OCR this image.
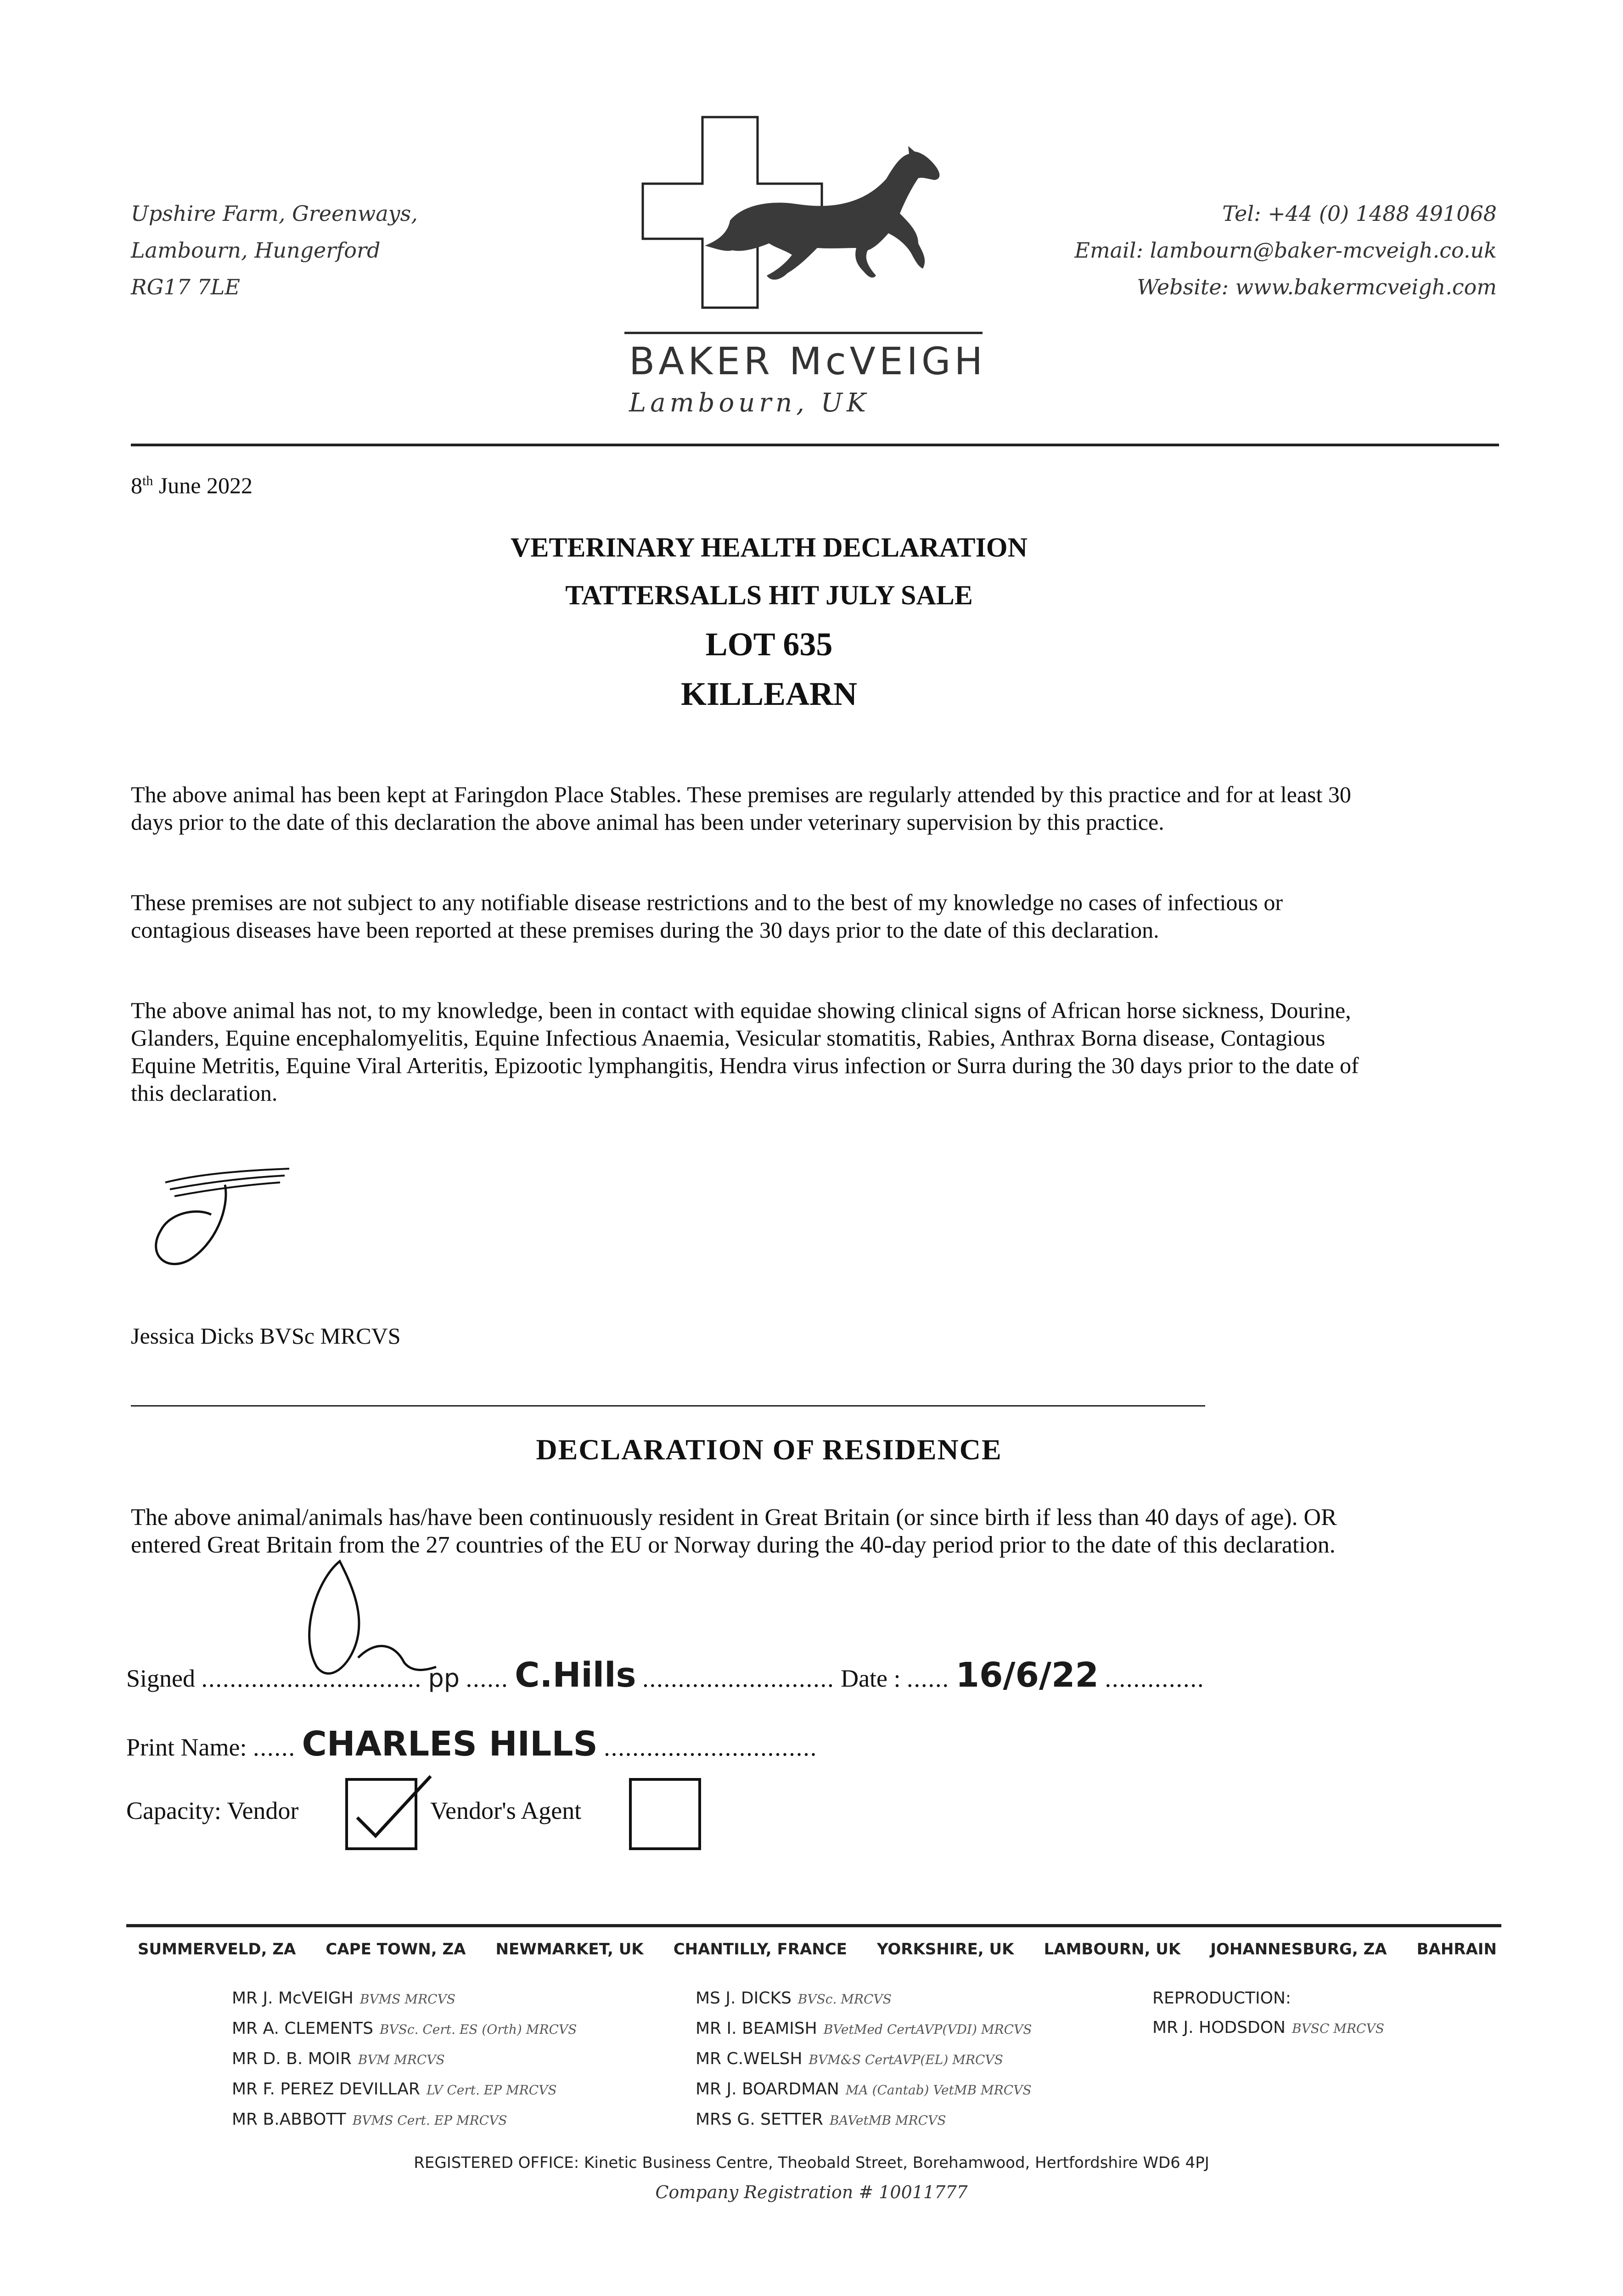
Upshire Farm, Greenways,
Lambourn, Hungerford
RG17 7LE
BAKER McVEIGH
Lambourn, UK
Tel: +44 (0) 1488 491068
Email: lambourn@baker-mcveigh.co.uk
Website: www.bakermcveigh.com
8th June 2022
VETERINARY HEALTH DECLARATION
TATTERSALLS HIT JULY SALE
LOT 635
KILLEARN
The above animal has been kept at Faringdon Place Stables. These premises are regularly attended by this practice and for at least 30 days prior to the date of this declaration the above animal has been under veterinary supervision by this practice.
These premises are not subject to any notifiable disease restrictions and to the best of my knowledge no cases of infectious or contagious diseases have been reported at these premises during the 30 days prior to the date of this declaration.
The above animal has not, to my knowledge, been in contact with equidae showing clinical signs of African horse sickness, Dourine, Glanders, Equine encephalomyelitis, Equine Infectious Anaemia, Vesicular stomatitis, Rabies, Anthrax Borna disease, Contagious Equine Metritis, Equine Viral Arteritis, Epizootic lymphangitis, Hendra virus infection or Surra during the 30 days prior to the date of this declaration.
Jessica Dicks BVSc MRCVS
DECLARATION OF RESIDENCE
The above animal/animals has/have been continuously resident in Great Britain (or since birth if less than 40 days of age). OR entered Great Britain from the 27 countries of the EU or Norway during the 40-day period prior to the date of this declaration.
Signed ............................... pp ...... C.Hills ........................... Date : ...... 16/6/22 ..............
Print Name: ...... CHARLES HILLS ..............................
Capacity: Vendor	Vendor's Agent
SUMMERVELD, ZA CAPE TOWN, ZA NEWMARKET, UK CHANTILLY, FRANCE YORKSHIRE, UK LAMBOURN, UK JOHANNESBURG, ZA BAHRAIN
MR J. McVEIGH BVMS MRCVS
MR A. CLEMENTS BVSc. Cert. ES (Orth) MRCVS
MR D. B. MOIR BVM MRCVS
MR F. PEREZ DEVILLAR LV Cert. EP MRCVS
MR B.ABBOTT BVMS Cert. EP MRCVS
MS J. DICKS BVSc. MRCVS
MR I. BEAMISH BVetMed CertAVP(VDI) MRCVS
MR C.WELSH BVM&S CertAVP(EL) MRCVS
MR J. BOARDMAN MA (Cantab) VetMB MRCVS
MRS G. SETTER BAVetMB MRCVS
REPRODUCTION:
MR J. HODSDON BVSC MRCVS
REGISTERED OFFICE: Kinetic Business Centre, Theobald Street, Borehamwood, Hertfordshire WD6 4PJ
Company Registration # 10011777
